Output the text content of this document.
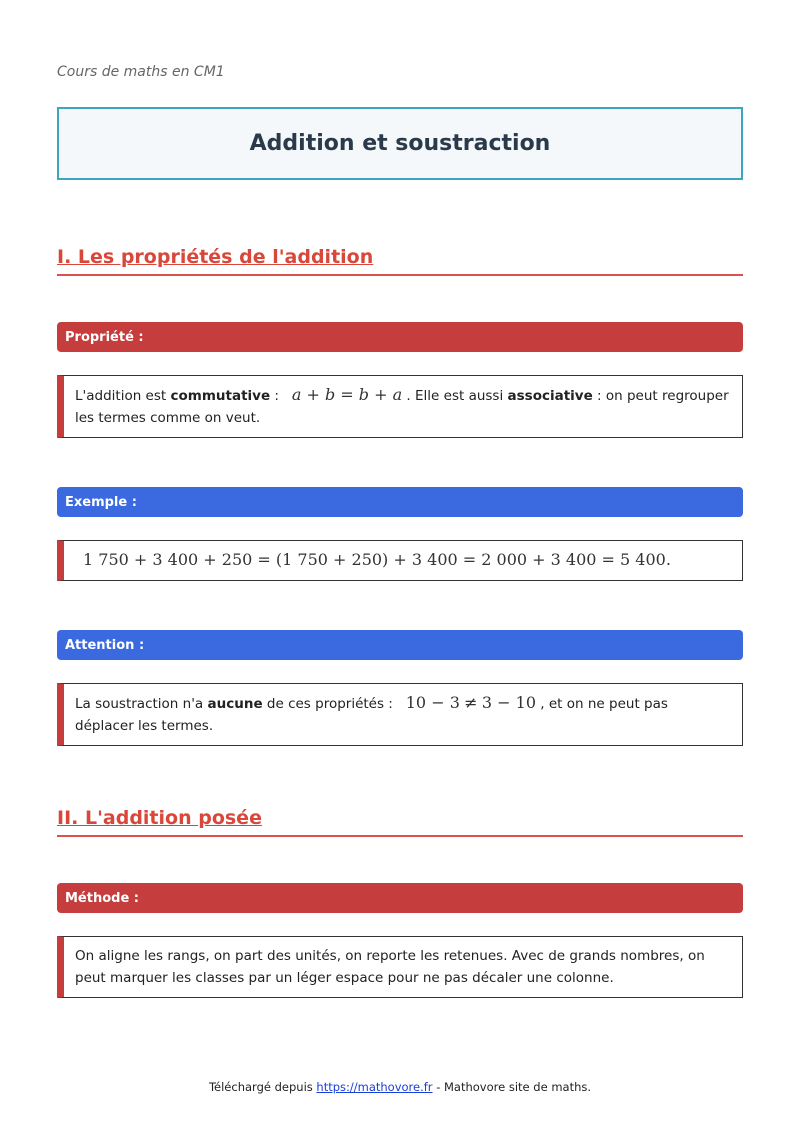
Cours de maths en CM1
Addition et soustraction
I. Les propriétés de l'addition
Propriété :
L'addition est commutative :   a + b = b + a . Elle est aussi associative : on peut regrouper les termes comme on veut.
Exemple :
1 750 + 3 400 + 250 = (1 750 + 250) + 3 400 = 2 000 + 3 400 = 5 400.
Attention :
La soustraction n'a aucune de ces propriétés :   10 − 3 ≠ 3 − 10 , et on ne peut pas déplacer les termes.
II. L'addition posée
Méthode :
On aligne les rangs, on part des unités, on reporte les retenues. Avec de grands nombres, on peut marquer les classes par un léger espace pour ne pas décaler une colonne.
Téléchargé depuis https://mathovore.fr - Mathovore site de maths.
